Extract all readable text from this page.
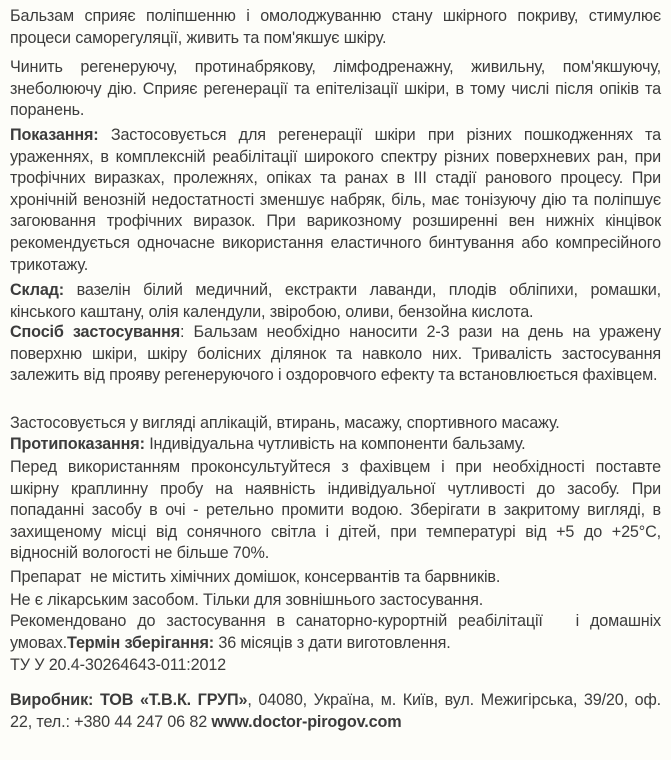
Бальзам сприяє поліпшенню і омолоджуванню стану шкірного покриву, стимулює процеси саморегуляції, живить та пом'якшує шкіру.

Чинить регенеруючу, протинабрякову, лімфодренажну, живильну, пом'якшуючу, знеболюючу дію. Сприяє регенерації та епітелізації шкіри, в тому числі після опіків та поранень.

Показання: Застосовується для регенерації шкіри при різних пошкодженнях та ураженнях, в комплексній реабілітації широкого спектру різних поверхневих ран, при трофічних виразках, пролежнях, опіках та ранах в III стадії ранового процесу. При хронічній венозній недостатності зменшує набряк, біль, має тонізуючу дію та поліпшує загоювання трофічних виразок. При варикозному розширенні вен нижніх кінцівок рекомендується одночасне використання еластичного бинтування або компресійного трикотажу.

Склад: вазелін білий медичний, екстракти лаванди, плодів обліпихи, ромашки, кінського каштану, олія календули, звіробою, оливи, бензойна кислота.

Спосіб застосування: Бальзам необхідно наносити 2-3 рази на день на уражену поверхню шкіри, шкіру болісних ділянок та навколо них. Тривалість застосування залежить від прояву регенеруючого і оздоровчого ефекту та встановлюється фахівцем.

Застосовується у вигляді аплікацій, втирань, масажу, спортивного масажу.

Протипоказання: Індивідуальна чутливість на компоненти бальзаму.

Перед використанням проконсультуйтеся з фахівцем і при необхідності поставте шкірну краплинну пробу на наявність індивідуальної чутливості до засобу. При попаданні засобу в очі - ретельно промити водою. Зберігати в закритому вигляді, в захищеному місці від сонячного світла і дітей, при температурі від +5 до +25°С, відносній вологості не більше 70%.

Препарат  не містить хімічних домішок, консервантів та барвників.

Не є лікарським засобом. Тільки для зовнішнього застосування.

Рекомендовано до застосування в санаторно-курортній реабілітації   і домашніх умовах.Термін зберігання: 36 місяців з дати виготовлення.

ТУ У 20.4-30264643-011:2012

Виробник: ТОВ «Т.В.К. ГРУП», 04080, Україна, м. Київ, вул. Межигірська, 39/20, оф. 22, тел.: +380 44 247 06 82 www.doctor-pirogov.com
